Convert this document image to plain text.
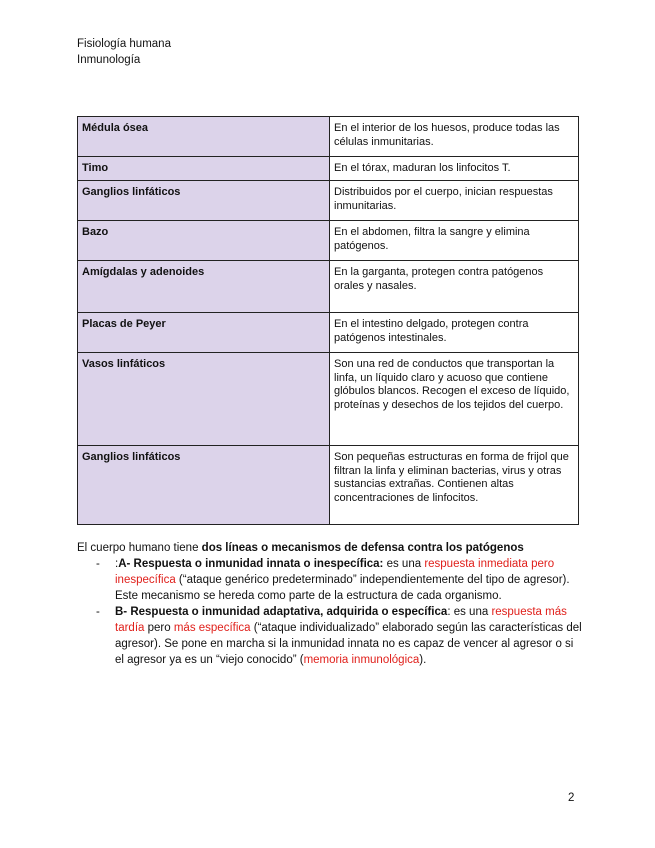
Fisiología humana
Inmunología
Médula ósea	En el interior de los huesos, produce todas las células inmunitarias.
Timo	En el tórax, maduran los linfocitos T.
Ganglios linfáticos	Distribuidos por el cuerpo, inician respuestas inmunitarias.
Bazo	En el abdomen, filtra la sangre y elimina patógenos.
Amígdalas y adenoides	En la garganta, protegen contra patógenos orales y nasales.
Placas de Peyer	En el intestino delgado, protegen contra patógenos intestinales.
Vasos linfáticos	Son una red de conductos que transportan la linfa, un líquido claro y acuoso que contiene glóbulos blancos. Recogen el exceso de líquido, proteínas y desechos de los tejidos del cuerpo.
Ganglios linfáticos	Son pequeñas estructuras en forma de frijol que filtran la linfa y eliminan bacterias, virus y otras sustancias extrañas. Contienen altas concentraciones de linfocitos.
El cuerpo humano tiene dos líneas o mecanismos de defensa contra los patógenos
- :A- Respuesta o inmunidad innata o inespecífica: es una respuesta inmediata pero inespecífica (“ataque genérico predeterminado” independientemente del tipo de agresor). Este mecanismo se hereda como parte de la estructura de cada organismo.
- B- Respuesta o inmunidad adaptativa, adquirida o específica: es una respuesta más tardía pero más específica (“ataque individualizado” elaborado según las características del agresor). Se pone en marcha si la inmunidad innata no es capaz de vencer al agresor o si el agresor ya es un “viejo conocido” (memoria inmunológica).
2
